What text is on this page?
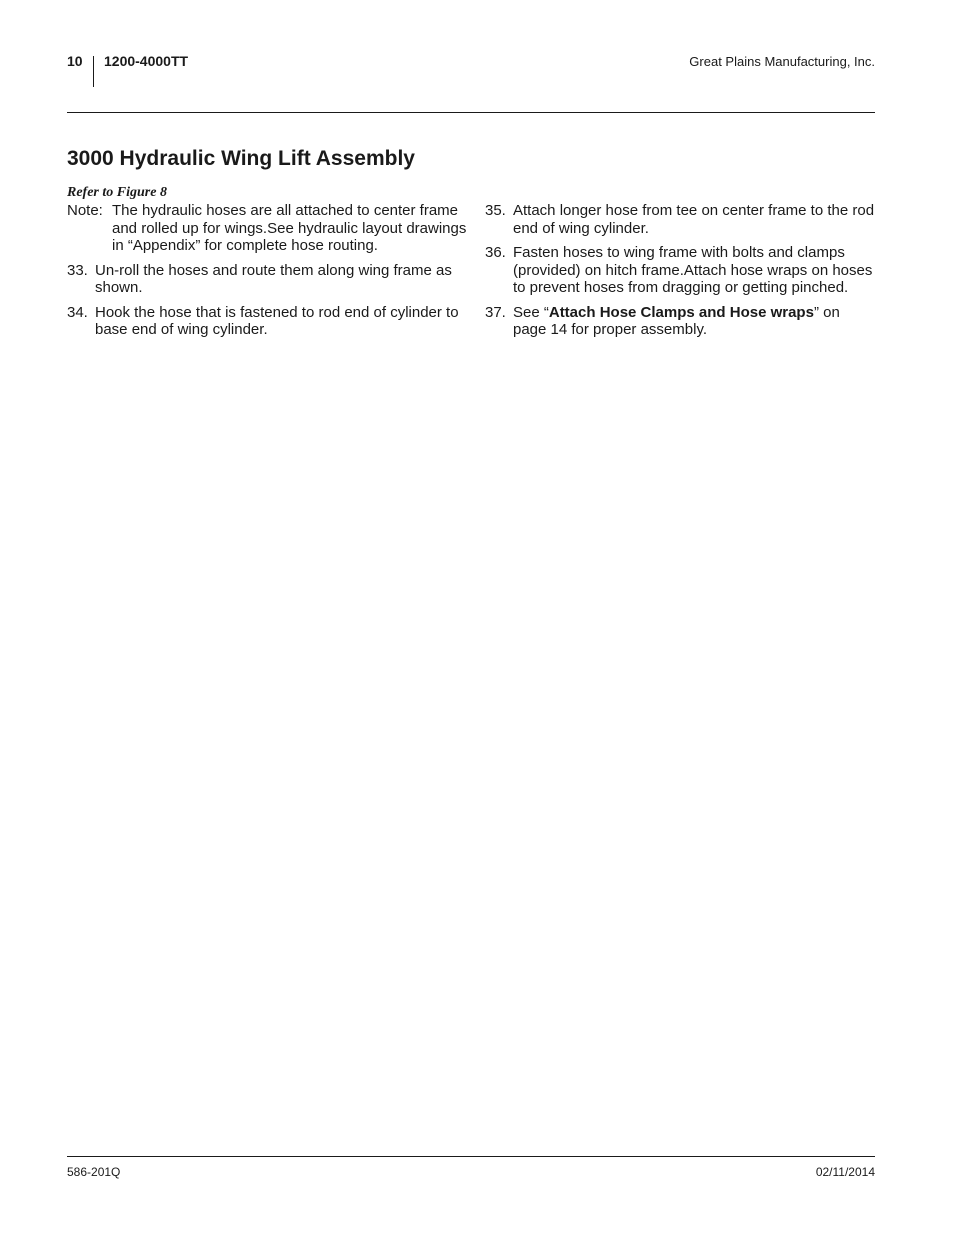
10 1200-4000TT	Great Plains Manufacturing, Inc.
3000 Hydraulic Wing Lift Assembly
Refer to Figure 8
Note: The hydraulic hoses are all attached to center frame and rolled up for wings.See hydraulic layout drawings in “Appendix” for complete hose routing.
33. Un-roll the hoses and route them along wing frame as shown.
34. Hook the hose that is fastened to rod end of cylinder to base end of wing cylinder.
35. Attach longer hose from tee on center frame to the rod end of wing cylinder.
36. Fasten hoses to wing frame with bolts and clamps (provided) on hitch frame.Attach hose wraps on hoses to prevent hoses from dragging or getting pinched.
37. See “Attach Hose Clamps and Hose wraps” on page 14 for proper assembly.
586-201Q	02/11/2014
